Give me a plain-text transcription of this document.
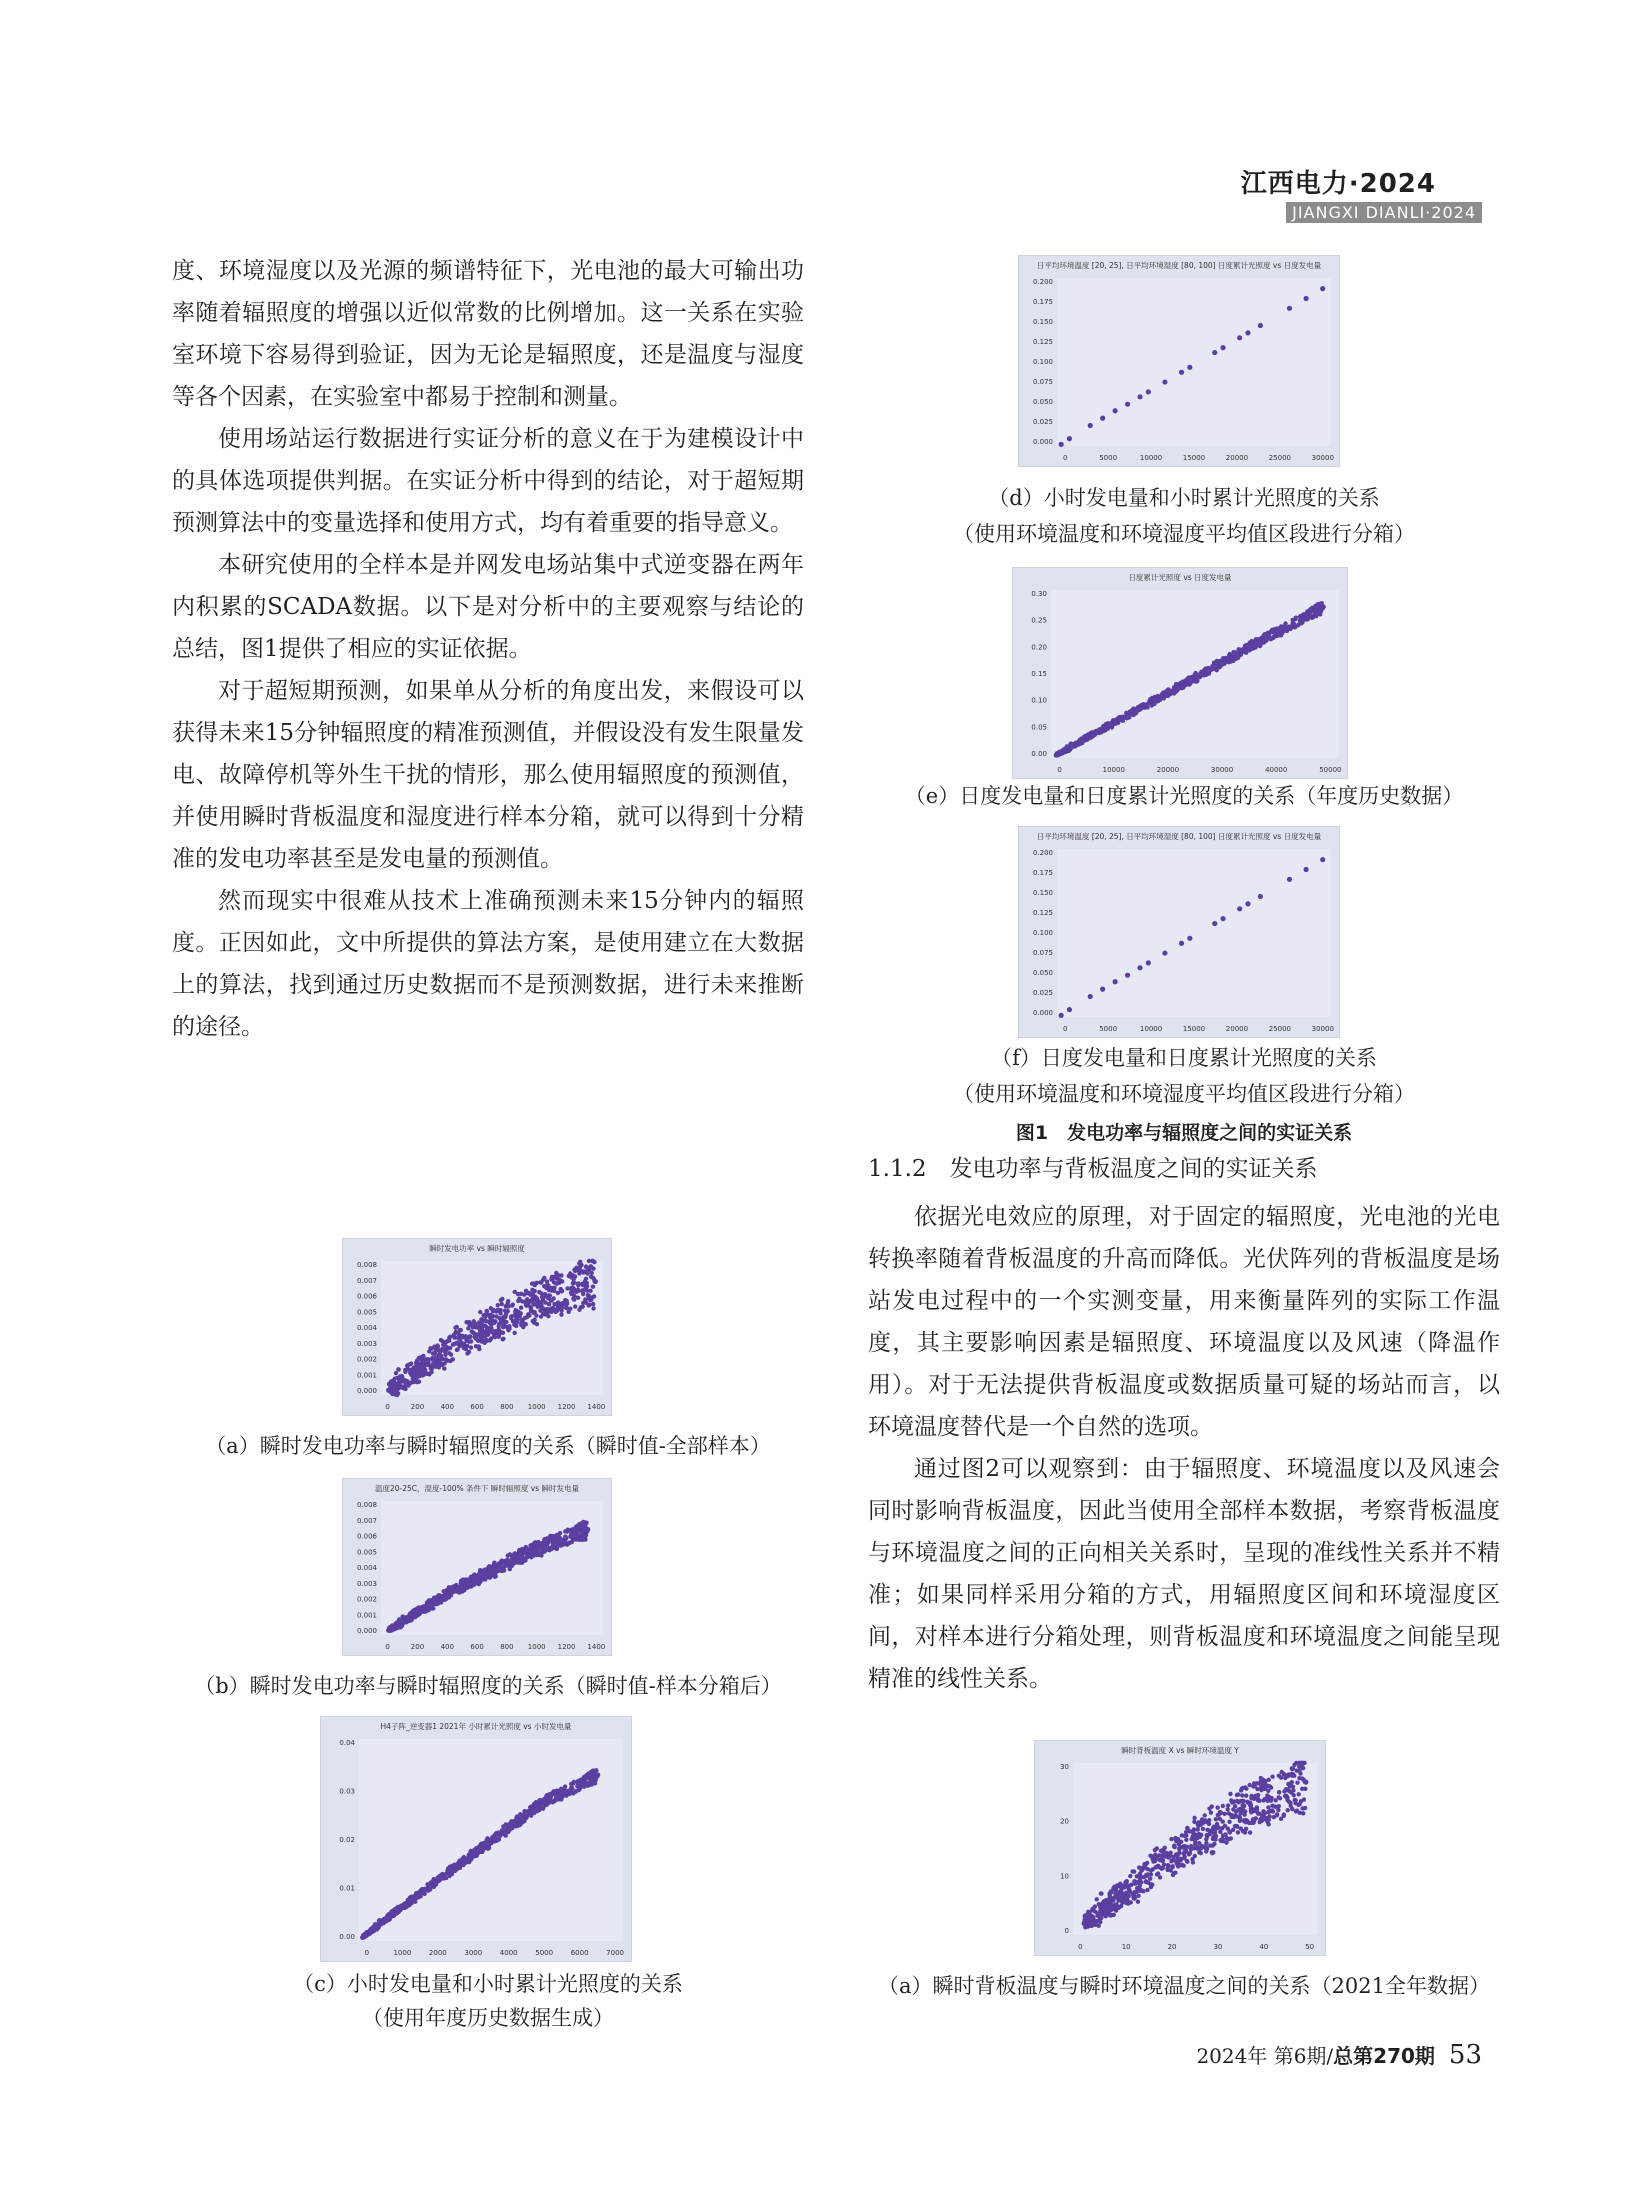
江西电力·2024
JIANGXI DIANLI·2024

度、环境湿度以及光源的频谱特征下，光电池的最大可输出功率随着辐照度的增强以近似常数的比例增加。这一关系在实验室环境下容易得到验证，因为无论是辐照度，还是温度与湿度等各个因素，在实验室中都易于控制和测量。

使用场站运行数据进行实证分析的意义在于为建模设计中的具体选项提供判据。在实证分析中得到的结论，对于超短期预测算法中的变量选择和使用方式，均有着重要的指导意义。

本研究使用的全样本是并网发电场站集中式逆变器在两年内积累的SCADA数据。以下是对分析中的主要观察与结论的总结，图1提供了相应的实证依据。

对于超短期预测，如果单从分析的角度出发，来假设可以获得未来15分钟辐照度的精准预测值，并假设没有发生限量发电、故障停机等外生干扰的情形，那么使用辐照度的预测值，并使用瞬时背板温度和湿度进行样本分箱，就可以得到十分精准的发电功率甚至是发电量的预测值。

然而现实中很难从技术上准确预测未来15分钟内的辐照度。正因如此，文中所提供的算法方案，是使用建立在大数据上的算法，找到通过历史数据而不是预测数据，进行未来推断的途径。

瞬时发电功率 vs 瞬时辐照度
0	200 400 600 800 1000 1200 1400
0.000
0.001
0.002
0.003
0.004
0.005
0.006
0.007
0.008
（a）瞬时发电功率与瞬时辐照度的关系（瞬时值-全部样本）
温度20-25C，湿度-100% 条件下 瞬时辐照度 vs 瞬时发电量
0	200 400 600 800 1000 1200 1400
0.000
0.001
0.002
0.003
0.004
0.005
0.006
0.007
0.008
（b）瞬时发电功率与瞬时辐照度的关系（瞬时值-样本分箱后）
H4子阵_逆变器1 2021年 小时累计光照度 vs 小时发电量
0	1000	2000	3000	4000	5000	6000	7000
0.00
0.01
0.02
0.03
0.04
（c）小时发电量和小时累计光照度的关系
（使用年度历史数据生成）
日平均环境温度 [20, 25], 日平均环境湿度 [80, 100] 日度累计光照度 vs 日度发电量
0	5000	10000	15000	20000	25000	30000
0.000
0.025
0.050
0.075
0.100
0.125
0.150
0.175
0.200
（d）小时发电量和小时累计光照度的关系
（使用环境温度和环境湿度平均值区段进行分箱）
日度累计光照度 vs 日度发电量
0	10000	20000	30000	40000	50000
0.00
0.05
0.10
0.15
0.20
0.25
0.30
（e）日度发电量和日度累计光照度的关系（年度历史数据）
日平均环境温度 [20, 25], 日平均环境湿度 [80, 100] 日度累计光照度 vs 日度发电量
0	5000	10000	15000	20000	25000	30000
0.000
0.025
0.050
0.075
0.100
0.125
0.150
0.175
0.200
（f）日度发电量和日度累计光照度的关系
（使用环境温度和环境湿度平均值区段进行分箱）
图1　发电功率与辐照度之间的实证关系
1.1.2　 发电功率与背板温度之间的实证关系

依据光电效应的原理，对于固定的辐照度，光电池的光电转换率随着背板温度的升高而降低。光伏阵列的背板温度是场站发电过程中的一个实测变量，用来衡量阵列的实际工作温度，其主要影响因素是辐照度、环境温度以及风速（降温作用）。对于无法提供背板温度或数据质量可疑的场站而言，以环境温度替代是一个自然的选项。

通过图2可以观察到：由于辐照度、环境温度以及风速会同时影响背板温度，因此当使用全部样本数据，考察背板温度与环境温度之间的正向相关关系时，呈现的准线性关系并不精准；如果同样采用分箱的方式，用辐照度区间和环境湿度区间，对样本进行分箱处理，则背板温度和环境温度之间能呈现精准的线性关系。

瞬时背板温度 X vs 瞬时环境温度 Y
0	10	20	30	40	50
0
10
20
30
（a）瞬时背板温度与瞬时环境温度之间的关系（2021全年数据）
2024年 第6期/总第270期 53
